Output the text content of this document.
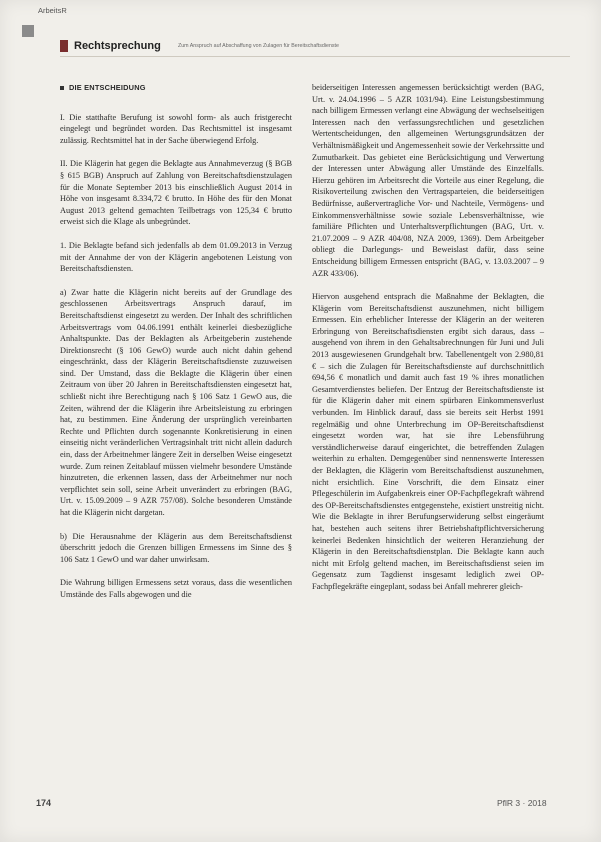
ArbeitsR
Rechtsprechung	Zum Anspruch auf Abschaffung von Zulagen für Bereitschaftsdienste
DIE ENTSCHEIDUNG

I. Die statthafte Berufung ist sowohl form- als auch fristgerecht eingelegt und begründet worden. Das Rechtsmittel ist insgesamt zulässig. Rechtsmittel hat in der Sache überwiegend Erfolg.

II. Die Klägerin hat gegen die Beklagte aus Annahmeverzug (§ BGB § 615 BGB) Anspruch auf Zahlung von Bereitschaftsdienstzulagen für die Monate September 2013 bis einschließlich August 2014 in Höhe von insgesamt 8.334,72 € brutto. In Höhe des für den Monat August 2013 geltend gemachten Teilbetrags von 125,34 € brutto erweist sich die Klage als unbegründet.

1. Die Beklagte befand sich jedenfalls ab dem 01.09.2013 in Verzug mit der Annahme der von der Klägerin angebotenen Leistung von Bereitschaftsdiensten.

a) Zwar hatte die Klägerin nicht bereits auf der Grundlage des geschlossenen Arbeitsvertrags Anspruch darauf, im Bereitschaftsdienst eingesetzt zu werden. Der Inhalt des schriftlichen Arbeitsvertrags vom 04.06.1991 enthält keinerlei diesbezügliche Anhaltspunkte. Das der Beklagten als Arbeitgeberin zustehende Direktionsrecht (§ 106 GewO) wurde auch nicht dahin gehend eingeschränkt, dass der Klägerin Bereitschaftsdienste zuzuweisen sind. Der Umstand, dass die Beklagte die Klägerin über einen Zeitraum von über 20 Jahren in Bereitschaftsdiensten eingesetzt hat, schließt nicht ihre Berechtigung nach § 106 Satz 1 GewO aus, die Zeiten, während der die Klägerin ihre Arbeitsleistung zu erbringen hat, zu bestimmen. Eine Änderung der ursprünglich vereinbarten Rechte und Pflichten durch sogenannte Konkretisierung in einen einseitig nicht veränderlichen Vertragsinhalt tritt nicht allein dadurch ein, dass der Arbeitnehmer längere Zeit in derselben Weise eingesetzt wurde. Zum reinen Zeitablauf müssen vielmehr besondere Umstände hinzutreten, die erkennen lassen, dass der Arbeitnehmer nur noch verpflichtet sein soll, seine Arbeit unverändert zu erbringen (BAG, Urt. v. 15.09.2009 – 9 AZR 757/08). Solche besonderen Umstände hat die Klägerin nicht dargetan.

b) Die Herausnahme der Klägerin aus dem Bereitschaftsdienst überschritt jedoch die Grenzen billigen Ermessens im Sinne des § 106 Satz 1 GewO und war daher unwirksam.

Die Wahrung billigen Ermessens setzt voraus, dass die wesentlichen Umstände des Falls abgewogen und die

beiderseitigen Interessen angemessen berücksichtigt werden (BAG, Urt. v. 24.04.1996 – 5 AZR 1031/94). Eine Leistungsbestimmung nach billigem Ermessen verlangt eine Abwägung der wechselseitigen Interessen nach den verfassungsrechtlichen und gesetzlichen Wertentscheidungen, den allgemeinen Wertungsgrundsätzen der Verhältnismäßigkeit und Angemessenheit sowie der Verkehrssitte und Zumutbarkeit. Das gebietet eine Berücksichtigung und Verwertung der Interessen unter Abwägung aller Umstände des Einzelfalls. Hierzu gehören im Arbeitsrecht die Vorteile aus einer Regelung, die Risikoverteilung zwischen den Vertragsparteien, die beiderseitigen Bedürfnisse, außervertragliche Vor- und Nachteile, Vermögens- und Einkommensverhältnisse sowie soziale Lebensverhältnisse, wie familiäre Pflichten und Unterhaltsverpflichtungen (BAG, Urt. v. 21.07.2009 – 9 AZR 404/08, NZA 2009, 1369). Dem Arbeitgeber obliegt die Darlegungs- und Beweislast dafür, dass seine Entscheidung billigem Ermessen entspricht (BAG, v. 13.03.2007 – 9 AZR 433/06).

Hiervon ausgehend entsprach die Maßnahme der Beklagten, die Klägerin vom Bereitschaftsdienst auszunehmen, nicht billigem Ermessen. Ein erheblicher Interesse der Klägerin an der weiteren Erbringung von Bereitschaftsdiensten ergibt sich daraus, dass – ausgehend von ihrem in den Gehaltsabrechnungen für Juni und Juli 2013 ausgewiesenen Grundgehalt brw. Tabellenentgelt von 2.980,81 € – sich die Zulagen für Bereitschaftsdienste auf durchschnittlich 694,56 € monatlich und damit auch fast 19 % ihres monatlichen Gesamtverdienstes beliefen. Der Entzug der Bereitschaftsdienste ist für die Klägerin daher mit einem spürbaren Einkommensverlust verbunden. Im Hinblick darauf, dass sie bereits seit Herbst 1991 regelmäßig und ohne Unterbrechung im OP-Bereitschaftsdienst eingesetzt worden war, hat sie ihre Lebensführung verständlicherweise darauf eingerichtet, die betreffenden Zulagen weiterhin zu erhalten. Demgegenüber sind nennenswerte Interessen der Beklagten, die Klägerin vom Bereitschaftsdienst auszunehmen, nicht ersichtlich. Eine Vorschrift, die dem Einsatz einer Pflegeschülerin im Aufgabenkreis einer OP-Fachpflegekraft während des OP-Bereitschaftsdienstes entgegenstehe, existiert unstreitig nicht. Wie die Beklagte in ihrer Berufungserwiderung selbst eingeräumt hat, bestehen auch seitens ihrer Betriebshaftpflichtversicherung keinerlei Bedenken hinsichtlich der weiteren Heranziehung der Klägerin in den Bereitschaftsdienstplan. Die Beklagte kann auch nicht mit Erfolg geltend machen, im Bereitschaftsdienst seien im Gegensatz zum Tagdienst insgesamt lediglich zwei OP-Fachpflegekräfte eingeplant, sodass bei Anfall mehrerer gleich-

174	PflR 3 · 2018
